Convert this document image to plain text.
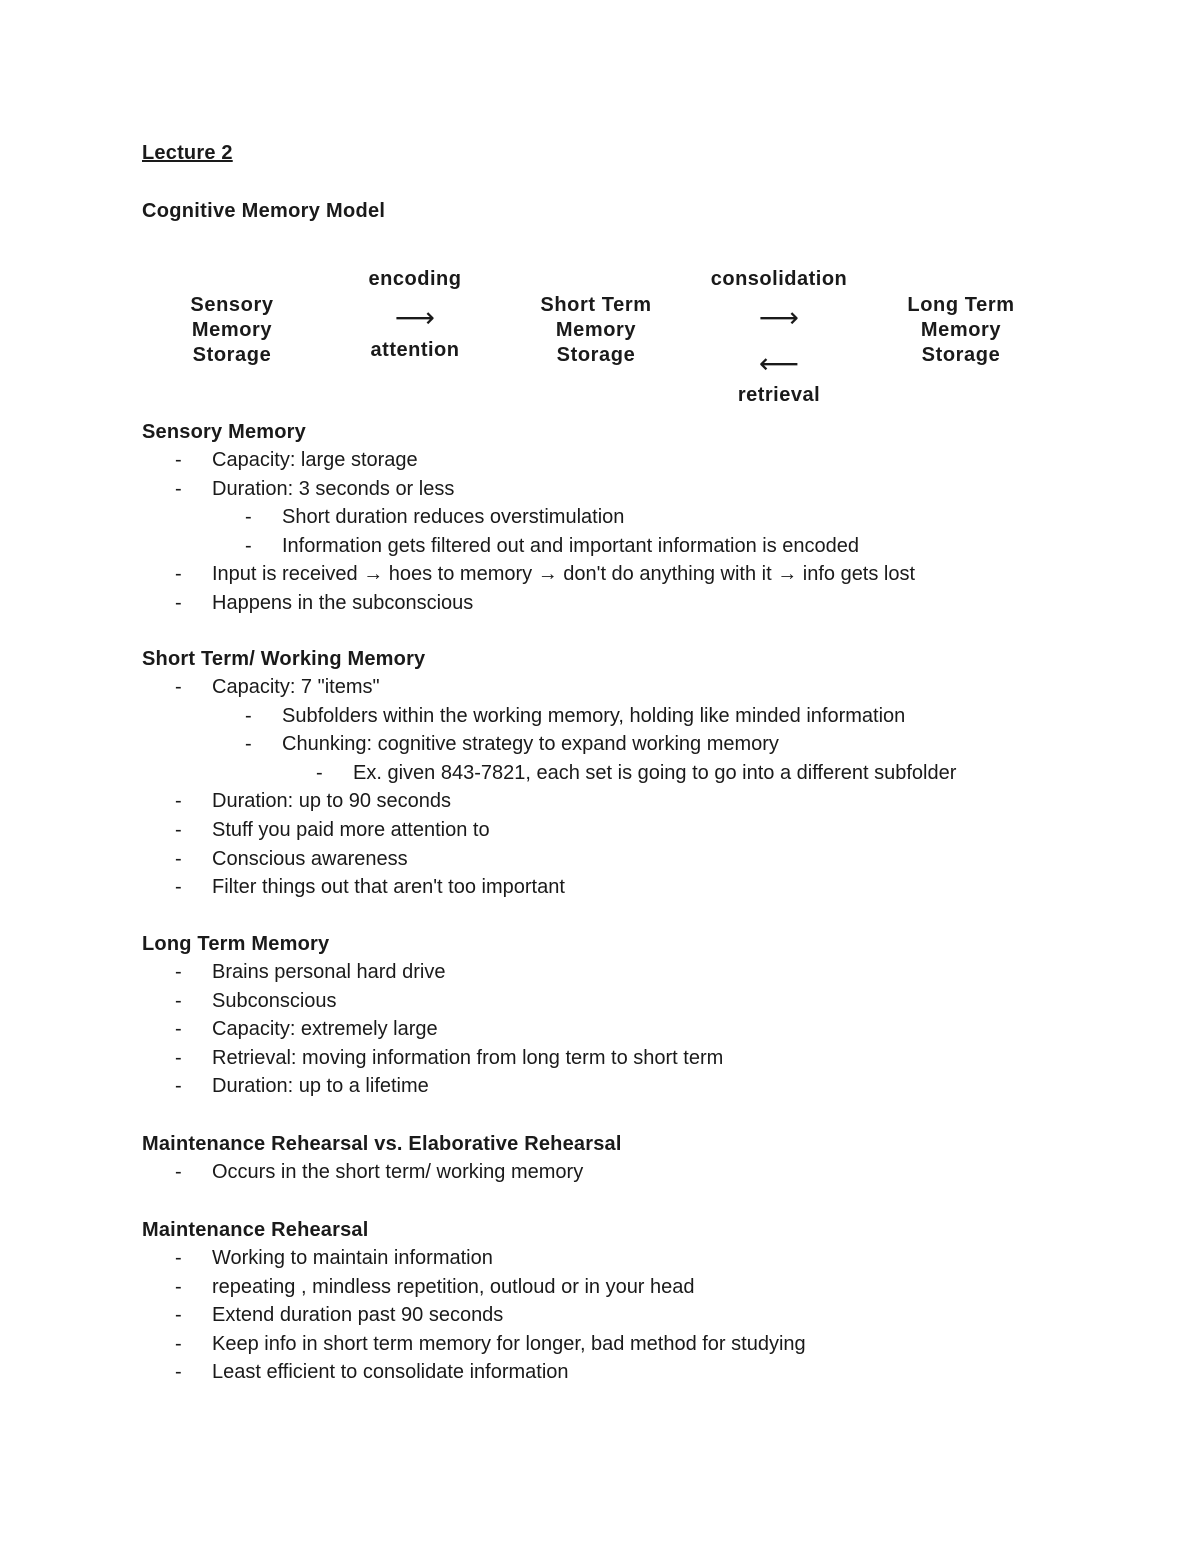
Lecture 2
Cognitive Memory Model
Sensory
Memory
Storage
encoding
⟶
attention
Short Term
Memory
Storage
consolidation
⟶
⟵
retrieval
Long Term
Memory
Storage
Sensory Memory
- Capacity: large storage
- Duration: 3 seconds or less
- Short duration reduces overstimulation
- Information gets filtered out and important information is encoded
- Input is received → hoes to memory → don't do anything with it → info gets lost
- Happens in the subconscious
Short Term/ Working Memory
- Capacity: 7 "items"
- Subfolders within the working memory, holding like minded information
- Chunking: cognitive strategy to expand working memory
- Ex. given 843-7821, each set is going to go into a different subfolder
- Duration: up to 90 seconds
- Stuff you paid more attention to
- Conscious awareness
- Filter things out that aren't too important
Long Term Memory
- Brains personal hard drive
- Subconscious
- Capacity: extremely large
- Retrieval: moving information from long term to short term
- Duration: up to a lifetime
Maintenance Rehearsal vs. Elaborative Rehearsal
- Occurs in the short term/ working memory
Maintenance Rehearsal
- Working to maintain information
- repeating , mindless repetition, outloud or in your head
- Extend duration past 90 seconds
- Keep info in short term memory for longer, bad method for studying
- Least efficient to consolidate information
